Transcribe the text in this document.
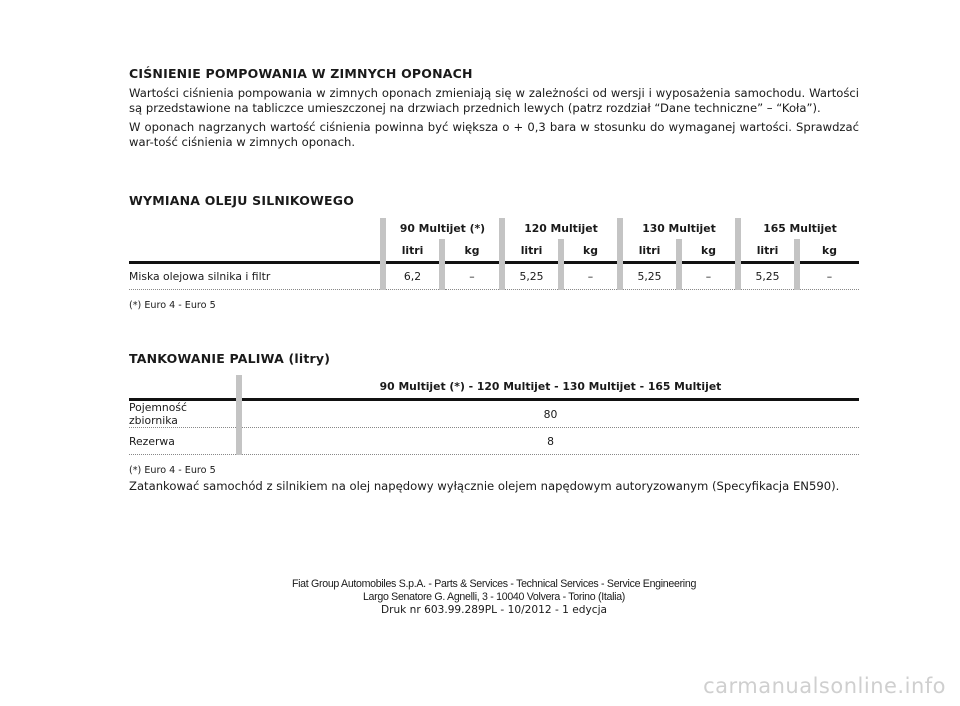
CIŚNIENIE POMPOWANIA W ZIMNYCH OPONACH

Wartości ciśnienia pompowania w zimnych oponach zmieniają się w zależności od wersji i wyposażenia samochodu. Wartości są przedstawione na tabliczce umieszczonej na drzwiach przednich lewych (patrz rozdział “Dane techniczne” – “Koła”).

W oponach nagrzanych wartość ciśnienia powinna być większa o + 0,3 bara w stosunku do wymaganej wartości. Sprawdzać war-tość ciśnienia w zimnych oponach.

WYMIANA OLEJU SILNIKOWEGO
	90 Multijet (*)		120 Multijet		130 Multijet		165 Multijet	
	litri	kg	litri	kg	litri	kg	litri	kg
Miska olejowa silnika i filtr	6,2	–	5,25	–	5,25	–	5,25	–

(*) Euro 4 - Euro 5

TANKOWANIE PALIWA (litry)
	90 Multijet (*) - 120 Multijet - 130 Multijet - 165 Multijet
Pojemność zbiornika	80
Rezerwa	8

(*) Euro 4 - Euro 5

Zatankować samochód z silnikiem na olej napędowy wyłącznie olejem napędowym autoryzowanym (Specyfikacja EN590).

Fiat Group Automobiles S.p.A. - Parts & Services - Technical Services - Service Engineering
Largo Senatore G. Agnelli, 3 - 10040 Volvera - Torino (Italia)
Druk nr 603.99.289PL - 10/2012 - 1 edycja
carmanualsonline.info
